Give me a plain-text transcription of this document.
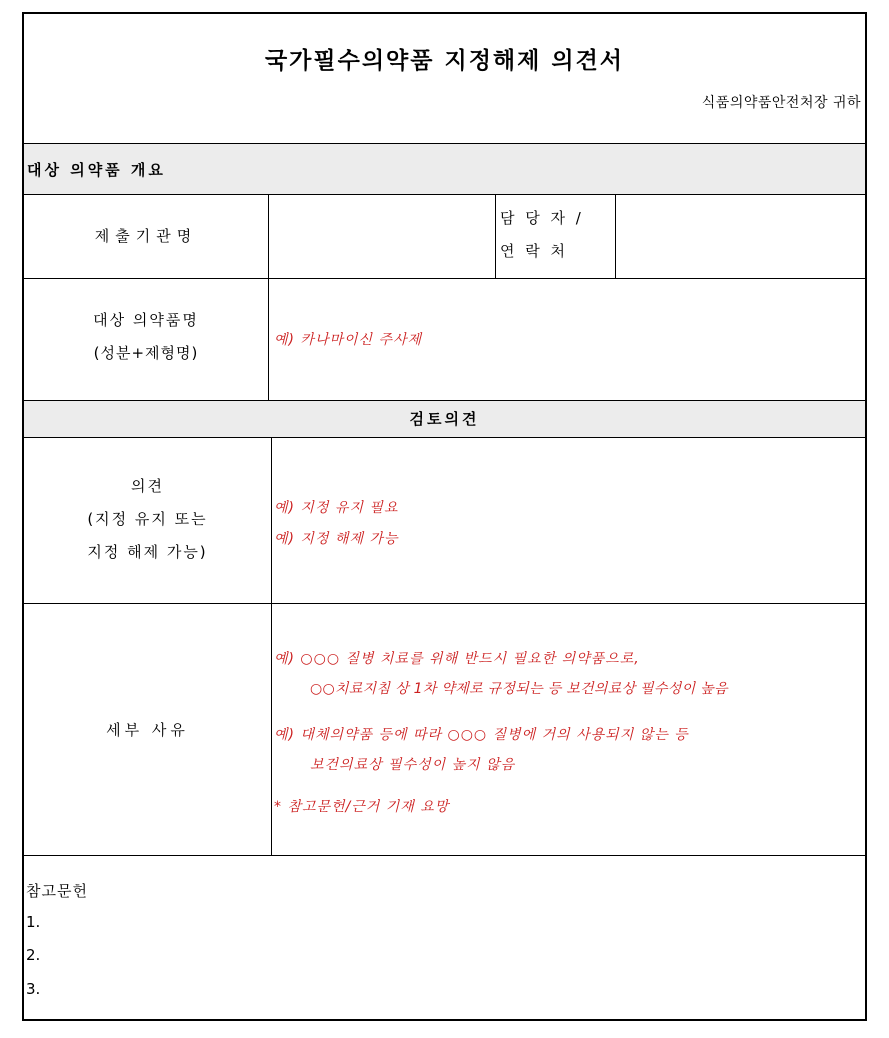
국가필수의약품 지정해제 의견서
식품의약품안전처장 귀하
대상 의약품 개요
검토의견
제출기관명
담 당 자 /
연 락 처
대상 의약품명
(성분+제형명)
예) 카나마이신 주사제
의견
(지정 유지 또는
지정 해제 가능)
예) 지정 유지 필요
예) 지정 해제 가능
세부 사유
예) ○○○ 질병 치료를 위해 반드시 필요한 의약품으로,
○○치료지침 상 1차 약제로 규정되는 등 보건의료상 필수성이 높음
예) 대체의약품 등에 따라 ○○○ 질병에 거의 사용되지 않는 등
보건의료상 필수성이 높지 않음
* 참고문헌/근거 기재 요망
참고문헌
1.
2.
3.
